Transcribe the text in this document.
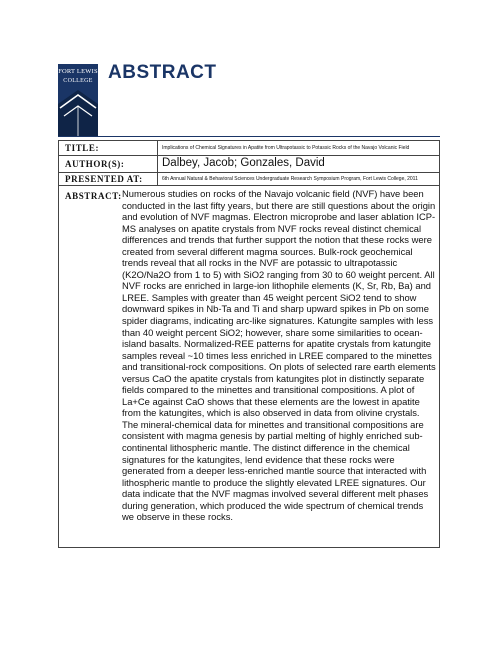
FORT LEWIS
COLLEGE ABSTRACT
TITLE:	Implications of Chemical Signatures in Apatite from Ultrapotassic to Potassic Rocks of the Navajo Volcanic Field
AUTHOR(S):	Dalbey, Jacob; Gonzales, David
PRESENTED AT:	6th Annual Natural & Behavioral Sciences Undergraduate Research Symposium Program, Fort Lewis College, 2011
ABSTRACT: Numerous studies on rocks of the Navajo volcanic field (NVF) have been conducted in the last fifty years, but there are still questions about the origin and evolution of NVF magmas. Electron microprobe and laser ablation ICP-MS analyses on apatite crystals from NVF rocks reveal distinct chemical differences and trends that further support the notion that these rocks were created from several different magma sources. Bulk-rock geochemical trends reveal that all rocks in the NVF are potassic to ultrapotassic (K2O/Na2O from 1 to 5) with SiO2 ranging from 30 to 60 weight percent. All NVF rocks are enriched in large-ion lithophile elements (K, Sr, Rb, Ba) and LREE. Samples with greater than 45 weight percent SiO2 tend to show downward spikes in Nb-Ta and Ti and sharp upward spikes in Pb on some spider diagrams, indicating arc-like signatures. Katungite samples with less than 40 weight percent SiO2; however, share some similarities to ocean-island basalts. Normalized-REE patterns for apatite crystals from katungite samples reveal ~10 times less enriched in LREE compared to the minettes and transitional-rock compositions. On plots of selected rare earth elements versus CaO the apatite crystals from katungites plot in distinctly separate fields compared to the minettes and transitional compositions. A plot of La+Ce against CaO shows that these elements are the lowest in apatite from the katungites, which is also observed in data from olivine crystals.

The mineral-chemical data for minettes and transitional compositions are consistent with magma genesis by partial melting of highly enriched sub-continental lithospheric mantle. The distinct difference in the chemical signatures for the katungites, lend evidence that these rocks were generated from a deeper less-enriched mantle source that interacted with lithospheric mantle to produce the slightly elevated LREE signatures. Our data indicate that the NVF magmas involved several different melt phases during generation, which produced the wide spectrum of chemical trends we observe in these rocks.
